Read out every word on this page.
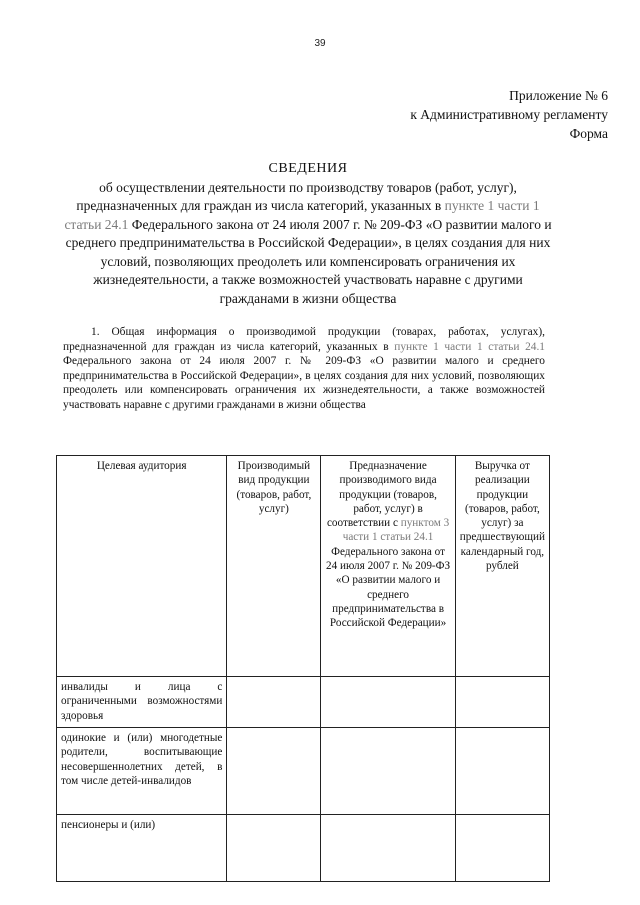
39
Приложение № 6
к Административному регламенту
Форма
СВЕДЕНИЯ
об осуществлении деятельности по производству товаров (работ, услуг), предназначенных для граждан из числа категорий, указанных в пункте 1 части 1 статьи 24.1 Федерального закона от 24 июля 2007 г. № 209-ФЗ «О развитии малого и среднего предпринимательства в Российской Федерации», в целях создания для них условий, позволяющих преодолеть или компенсировать ограничения их жизнедеятельности, а также возможностей участвовать наравне с другими гражданами в жизни общества
1. Общая информация о производимой продукции (товарах, работах, услугах), предназначенной для граждан из числа категорий, указанных в пункте 1 части 1 статьи 24.1 Федерального закона от 24 июля 2007 г. № 209-ФЗ «О развитии малого и среднего предпринимательства в Российской Федерации», в целях создания для них условий, позволяющих преодолеть или компенсировать ограничения их жизнедеятельности, а также возможностей участвовать наравне с другими гражданами в жизни общества
Целевая аудитория	Производимый вид продукции (товаров, работ, услуг)	Предназначение производимого вида продукции (товаров, работ, услуг) в соответствии с пунктом 3 части 1 статьи 24.1 Федерального закона от 24 июля 2007 г. № 209-ФЗ «О развитии малого и среднего предпринимательства в Российской Федерации»	Выручка от реализации продукции (товаров, работ, услуг) за предшествующий календарный год, рублей
инвалиды и лица с ограниченными возможностями здоровья			
одинокие и (или) многодетные родители, воспитывающие несовершеннолетних детей, в том числе детей-инвалидов			
пенсионеры и (или)			
